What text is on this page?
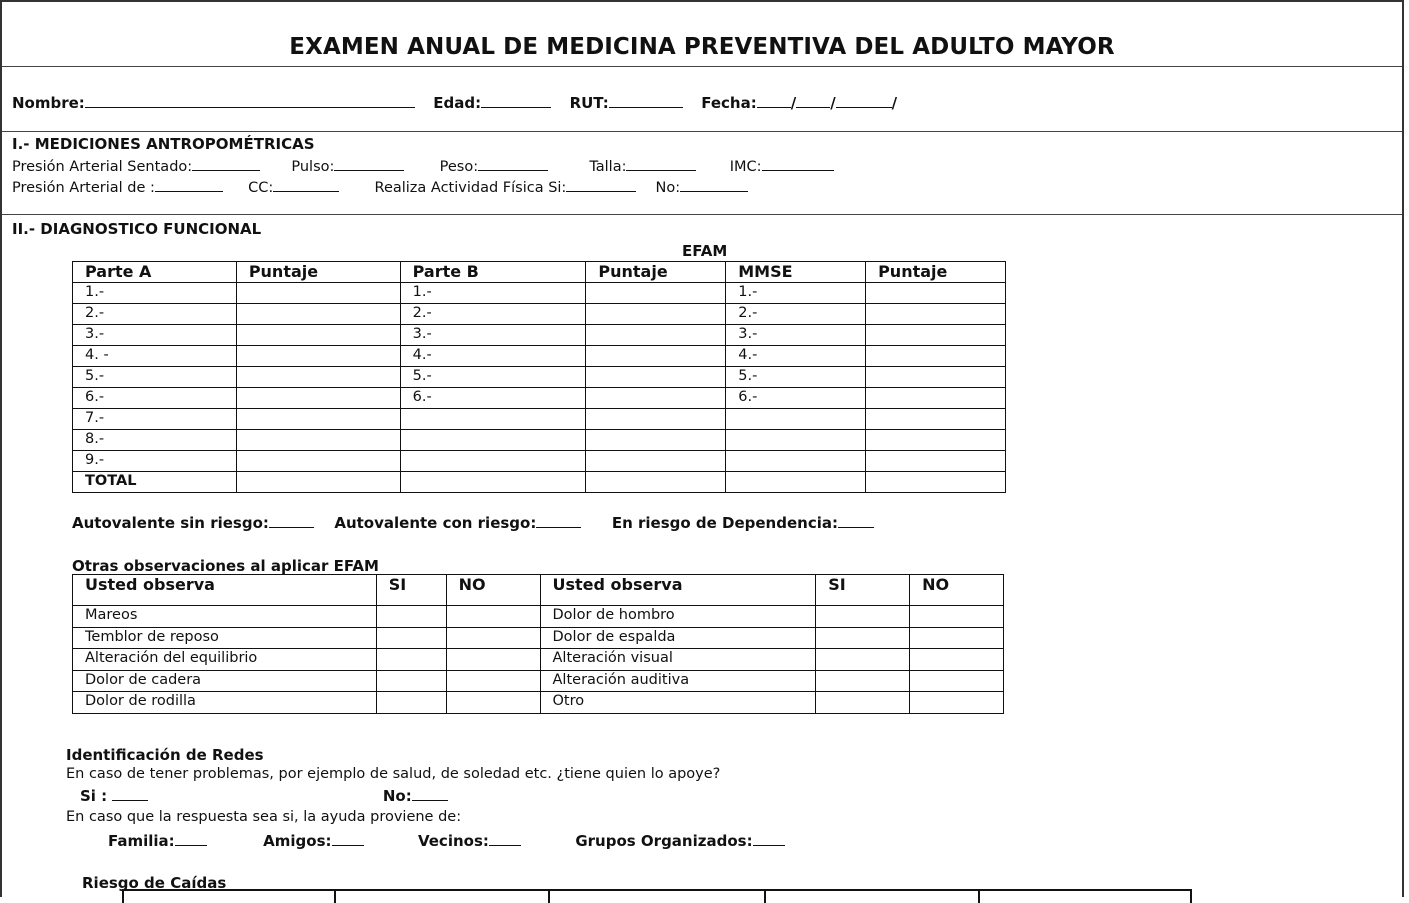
EXAMEN ANUAL DE MEDICINA PREVENTIVA DEL ADULTO MAYOR
Nombre:	Edad:	RUT:	Fecha: / /	/
I.- MEDICIONES ANTROPOMÉTRICAS
Presión Arterial Sentado:	Pulso:	Peso:	Talla:	IMC:
Presión Arterial de :	CC:	Realiza Actividad Física Si:	No:
II.- DIAGNOSTICO FUNCIONAL
EFAM
Parte A	Puntaje	Parte B	Puntaje	MMSE	Puntaje
1.-		1.-		1.-	
2.-		2.-		2.-	
3.-		3.-		3.-	
4. -		4.-		4.-	
5.-		5.-		5.-	
6.-		6.-		6.-	
7.-					
8.-					
9.-					
TOTAL					
Autovalente sin riesgo:	Autovalente con riesgo:	En riesgo de Dependencia:
Otras observaciones al aplicar EFAM
Usted observa	SI	NO	Usted observa	SI	NO
Mareos			Dolor de hombro		
Temblor de reposo			Dolor de espalda		
Alteración del equilibrio			Alteración visual		
Dolor de cadera			Alteración auditiva		
Dolor de rodilla			Otro		
Identificación de Redes
En caso de tener problemas, por ejemplo de salud, de soledad etc. ¿tiene quien lo apoye?
Si :	No:
En caso que la respuesta sea si, la ayuda proviene de:
Familia:	Amigos:	Vecinos:	Grupos Organizados:
Riesgo de Caídas
